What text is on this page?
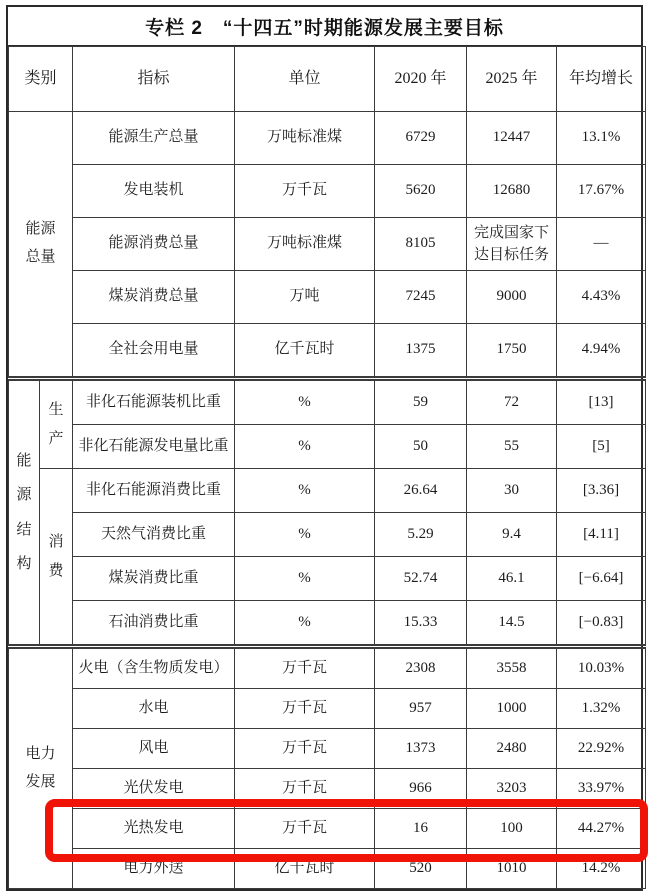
专栏 2　“十四五”时期能源发展主要目标
类别		指标	单位	2020 年	2025 年	年均增长
能源总量		能源生产总量	万吨标准煤	6729	12447	13.1%
		发电装机	万千瓦	5620	12680	17.67%
		能源消费总量	万吨标准煤	8105	完成国家下达目标任务	—
		煤炭消费总量	万吨	7245	9000	4.43%
		全社会用电量	亿千瓦时	1375	1750	4.94%
能源结构	生产	非化石能源装机比重	%	59	72	[13]
		非化石能源发电量比重	%	50	55	[5]
	消费	非化石能源消费比重	%	26.64	30	[3.36]
		天然气消费比重	%	5.29	9.4	[4.11]
		煤炭消费比重	%	52.74	46.1	[−6.64]
		石油消费比重	%	15.33	14.5	[−0.83]
电力发展		火电（含生物质发电）	万千瓦	2308	3558	10.03%
		水电	万千瓦	957	1000	1.32%
		风电	万千瓦	1373	2480	22.92%
		光伏发电	万千瓦	966	3203	33.97%
		光热发电	万千瓦	16	100	44.27%
		电力外送	亿千瓦时	520	1010	14.2%
